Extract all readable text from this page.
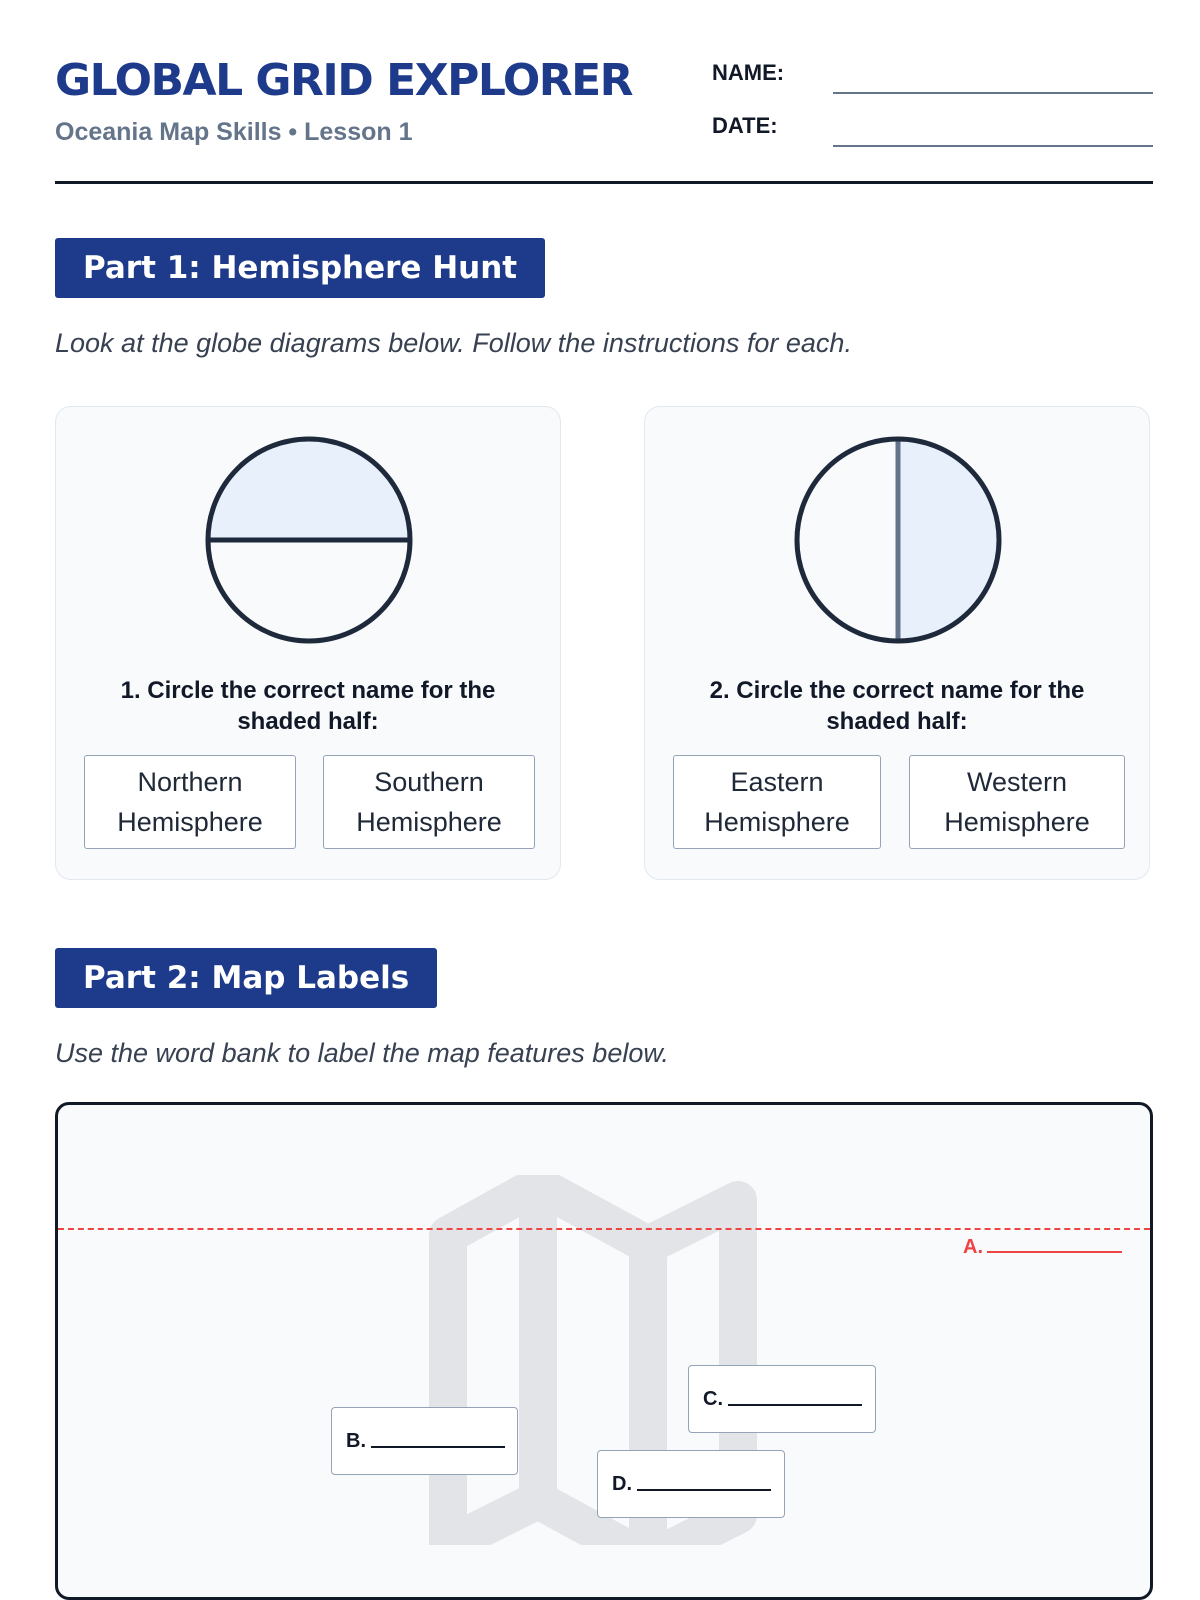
GLOBAL GRID EXPLORER
Oceania Map Skills • Lesson 1
NAME:
DATE:
Part 1: Hemisphere Hunt
Look at the globe diagrams below. Follow the instructions for each.
1. Circle the correct name for the shaded half:
Northern Hemisphere
Southern Hemisphere
2. Circle the correct name for the shaded half:
Eastern Hemisphere
Western Hemisphere
Part 2: Map Labels
Use the word bank to label the map features below.
A.
B.
C.
D.
